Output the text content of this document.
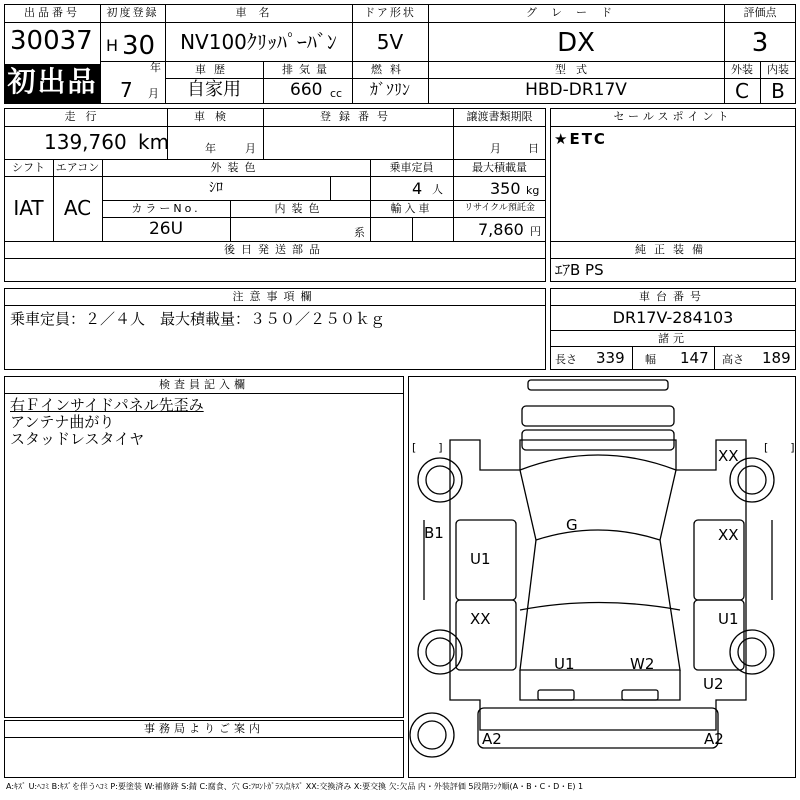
出品番号
30037
初出品
初度登録
H 30
年
7 月
車名
NV100ｸﾘｯﾊﾟｰﾊﾞﾝ
ドア形状
5V
グレード
DX
評価点
3
外装	内装
C	B
車歴
自家用
排気量
660 cc
燃料
ｶﾞｿﾘﾝ
型式
HBD-DR17V
走行
139,760 km
車検
年	月
登録番号	譲渡書類期限
月 日
シフト
IAT
エアコン
AC
外装色
ｼﾛ
乗車定員
4 人
最大積載量
350 kg
カラーNo.
26U
内装色
系
輸入車	リサイクル預託金
7,860 円
後日発送部品
セールスポイント
★ETC
純正装備
ｴｱB PS
注意事項欄
乗車定員：２／４人　最大積載量：３５０／２５０ｋｇ
車台番号
DR17V-284103
諸元
長さ 339 幅 147 高さ 189
検査員記入欄
右Ｆインサイドパネル先歪み
アンテナ曲がり
スタッドレスタイヤ
事務局よりご案内
XX
XX
B1
U1
G
XX	U1
U1	W2
U2
A2	A2
[　　]	[　　]
A:ｷｽﾞ U:ﾍｺﾐ B:ｷｽﾞを伴うﾍｺﾐ P:要塗装 W:補修跡 S:錆 C:腐食、穴 G:ﾌﾛﾝﾄｶﾞﾗｽ点ｷｽﾞ XX:交換済み X:要交換 欠:欠品 内・外装評価 5段階ﾗﾝｸ順(A・B・C・D・E) 1
